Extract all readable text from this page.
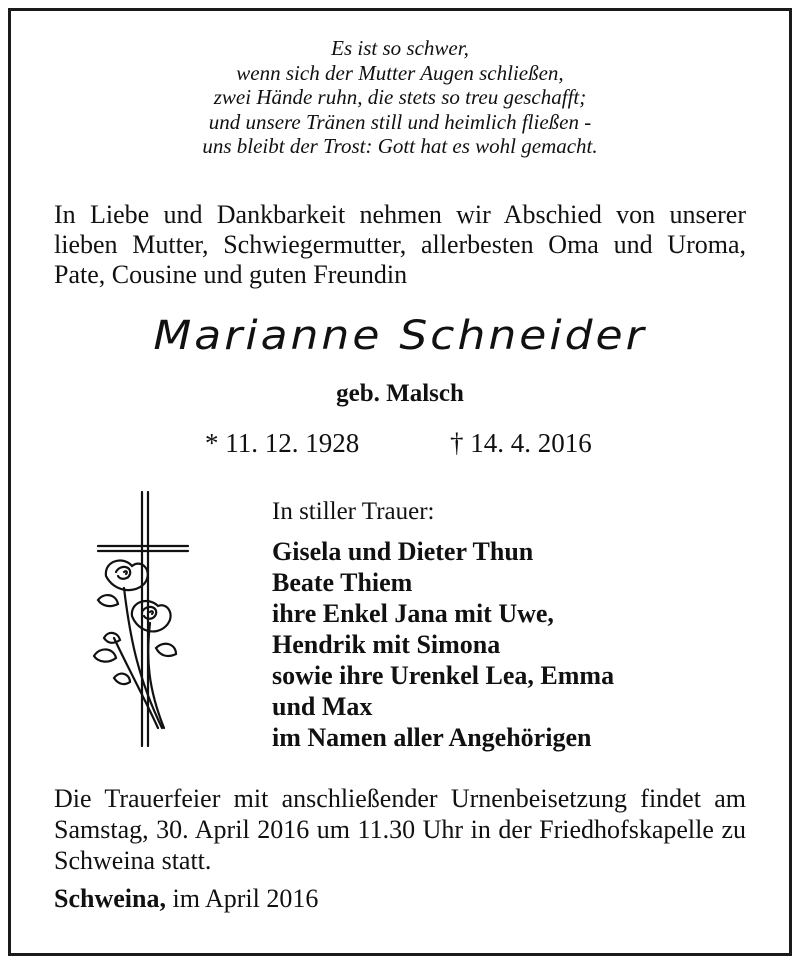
Es ist so schwer,
wenn sich der Mutter Augen schließen,
zwei Hände ruhn, die stets so treu geschafft;
und unsere Tränen still und heimlich fließen -
uns bleibt der Trost: Gott hat es wohl gemacht.
In Liebe und Dankbarkeit nehmen wir Abschied von unserer lieben Mutter, Schwiegermutter, allerbesten Oma und Uroma, Pate, Cousine und guten Freundin
Marianne Schneider
geb. Malsch
* 11. 12. 1928	† 14. 4. 2016
In stiller Trauer:
Gisela und Dieter Thun
Beate Thiem
ihre Enkel Jana mit Uwe,
Hendrik mit Simona
sowie ihre Urenkel Lea, Emma
und Max
im Namen aller Angehörigen
Die Trauerfeier mit anschließender Urnenbeisetzung findet am Samstag, 30. April 2016 um 11.30 Uhr in der Friedhofskapelle zu Schweina statt.
Schweina, im April 2016
